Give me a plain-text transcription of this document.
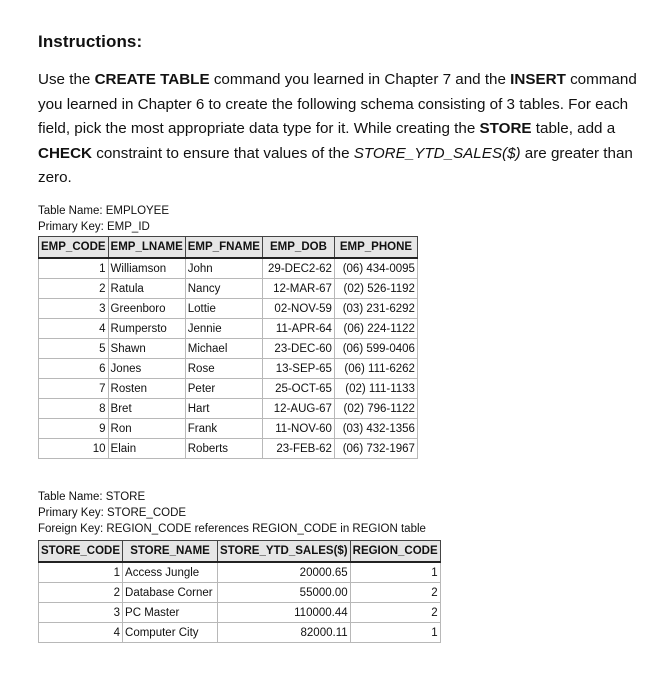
Instructions:
Use the CREATE TABLE command you learned in Chapter 7 and the INSERT command you learned in Chapter 6 to create the following schema consisting of 3 tables. For each field, pick the most appropriate data type for it. While creating the STORE table, add a CHECK constraint to ensure that values of the STORE_YTD_SALES($) are greater than zero.
Table Name: EMPLOYEE
Primary Key: EMP_ID
EMP_CODE	EMP_LNAME	EMP_FNAME	EMP_DOB	EMP_PHONE
1	Williamson	John	29-DEC2-62	(06) 434-0095
2	Ratula	Nancy	12-MAR-67	(02) 526-1192
3	Greenboro	Lottie	02-NOV-59	(03) 231-6292
4	Rumpersto	Jennie	11-APR-64	(06) 224-1122
5	Shawn	Michael	23-DEC-60	(06) 599-0406
6	Jones	Rose	13-SEP-65	(06) 111-6262
7	Rosten	Peter	25-OCT-65	(02) 111-1133
8	Bret	Hart	12-AUG-67	(02) 796-1122
9	Ron	Frank	11-NOV-60	(03) 432-1356
10	Elain	Roberts	23-FEB-62	(06) 732-1967
Table Name: STORE
Primary Key: STORE_CODE
Foreign Key: REGION_CODE references REGION_CODE in REGION table
STORE_CODE	STORE_NAME	STORE_YTD_SALES($)	REGION_CODE
1	Access Jungle	20000.65	1
2	Database Corner	55000.00	2
3	PC Master	110000.44	2
4	Computer City	82000.11	1
